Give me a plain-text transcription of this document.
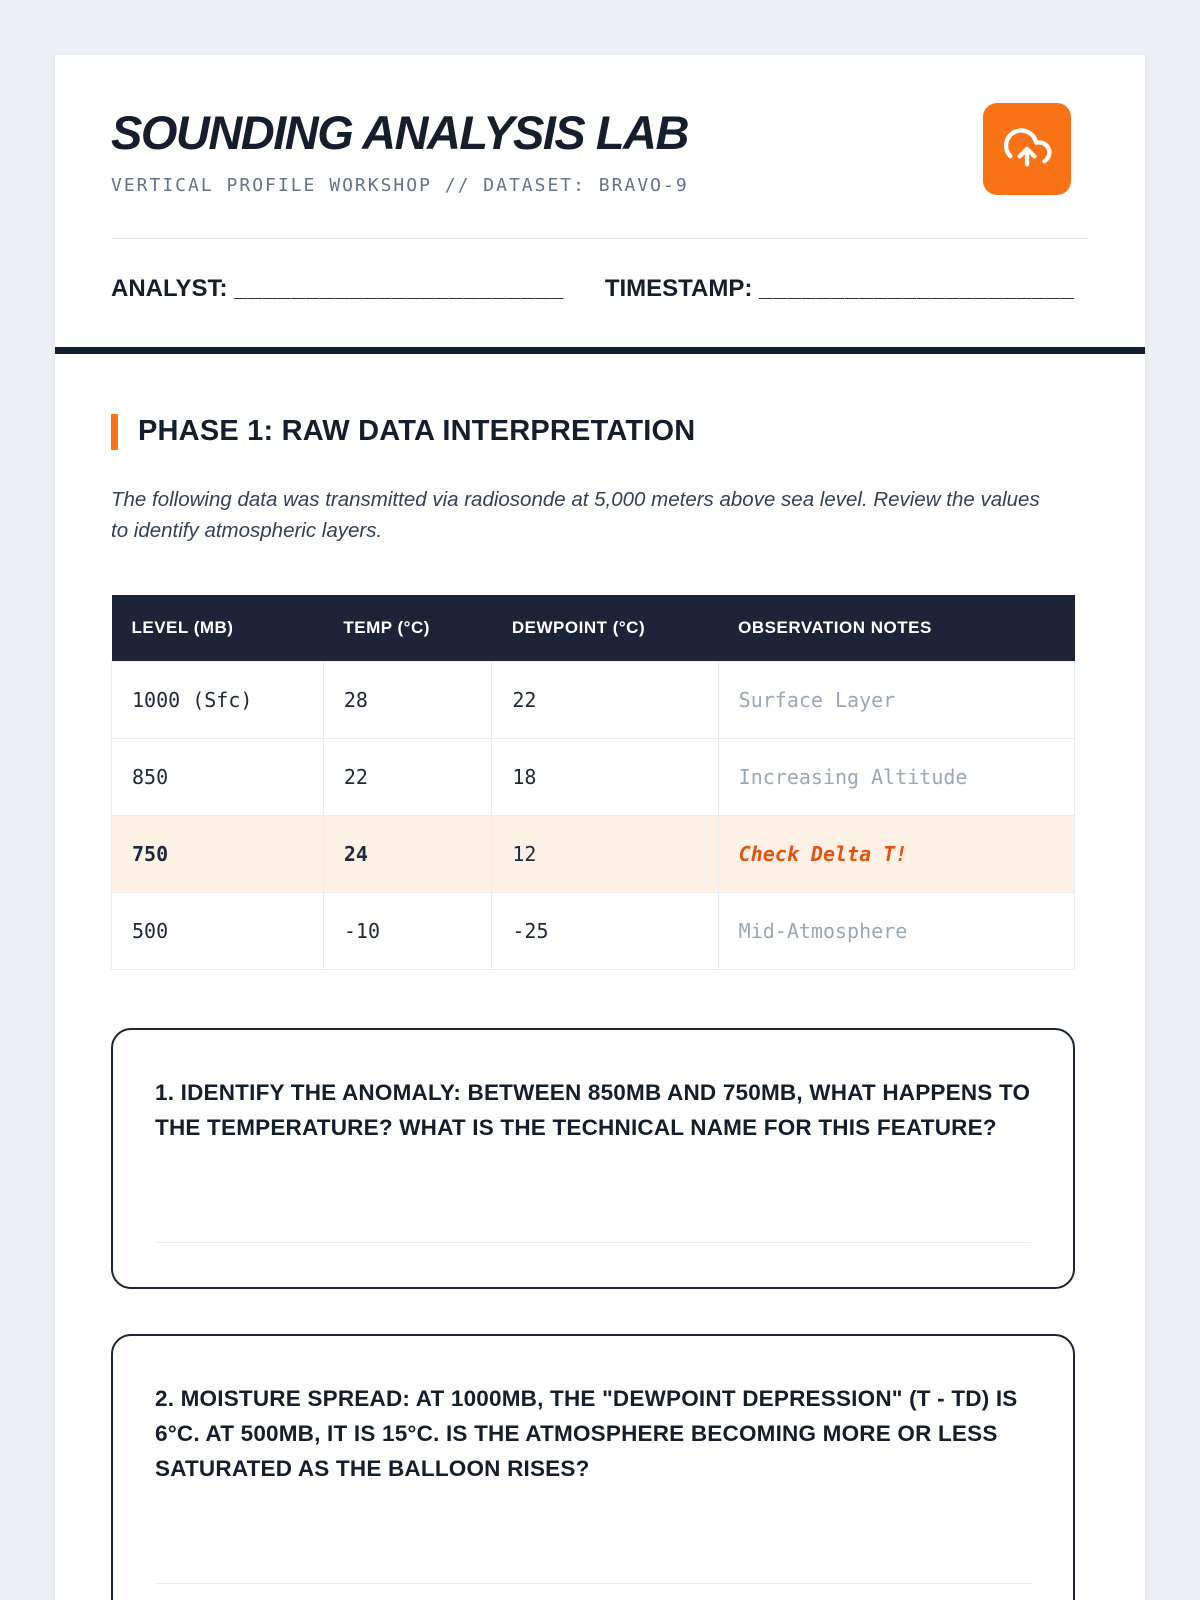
SOUNDING ANALYSIS LAB
VERTICAL PROFILE WORKSHOP // DATASET: BRAVO-9
ANALYST: _______________________ TIMESTAMP: ______________________
PHASE 1: RAW DATA INTERPRETATION

The following data was transmitted via radiosonde at 5,000 meters above sea level. Review the values to identify atmospheric layers.

LEVEL (MB)	TEMP (°C)	DEWPOINT (°C)	OBSERVATION NOTES
1000 (Sfc)	28	22	Surface Layer
850	22	18	Increasing Altitude
750	24	12	Check Delta T!
500	-10	-25	Mid-Atmosphere

1. IDENTIFY THE ANOMALY: BETWEEN 850MB AND 750MB, WHAT HAPPENS TO THE TEMPERATURE? WHAT IS THE TECHNICAL NAME FOR THIS FEATURE?

2. MOISTURE SPREAD: AT 1000MB, THE "DEWPOINT DEPRESSION" (T - TD) IS 6°C. AT 500MB, IT IS 15°C. IS THE ATMOSPHERE BECOMING MORE OR LESS SATURATED AS THE BALLOON RISES?
